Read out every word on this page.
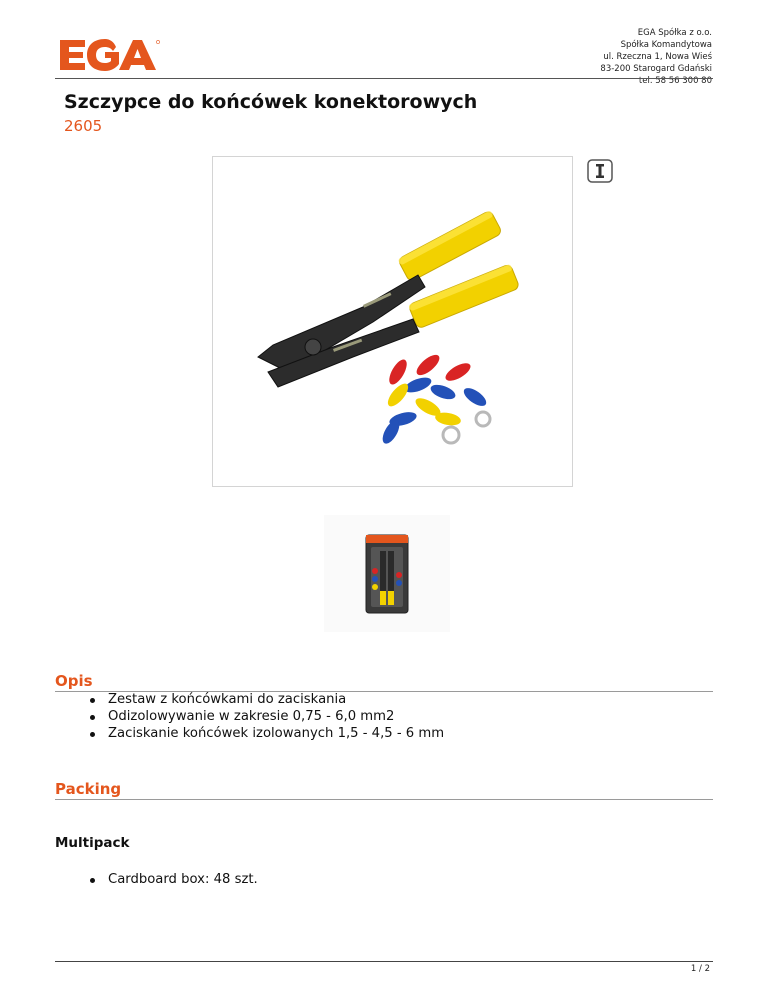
EGA Spółka z o.o.
Spółka Komandytowa
ul. Rzeczna 1, Nowa Wieś
83-200 Starogard Gdański
tel. 58 56 300 80
Szczypce do końcówek konektorowych
2605
Opis
Zestaw z końcówkami do zaciskania
Odizolowywanie w zakresie 0,75 - 6,0 mm2
Zaciskanie końcówek izolowanych 1,5 - 4,5 - 6 mm
Packing
Multipack
Cardboard box: 48 szt.
1 / 2
